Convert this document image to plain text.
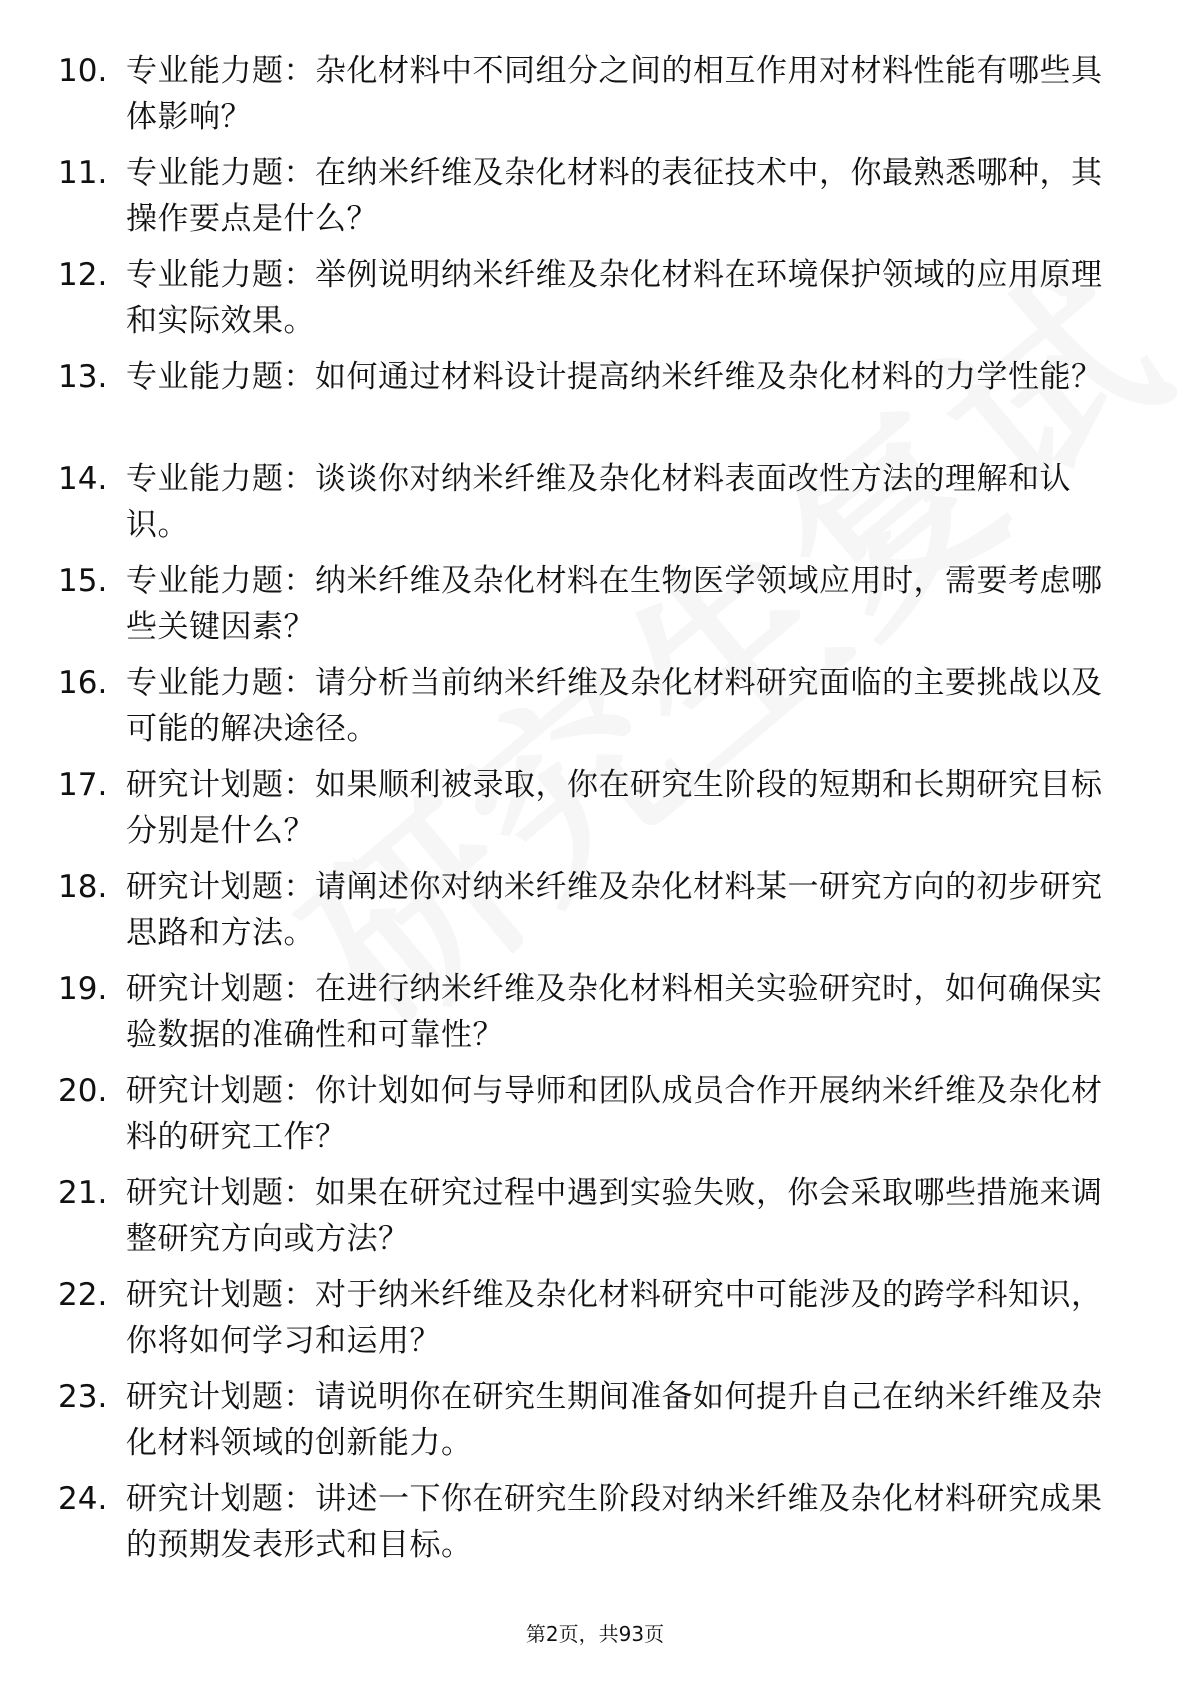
10. 专业能力题：杂化材料中不同组分之间的相互作用对材料性能有哪些具体影响？
11. 专业能力题：在纳米纤维及杂化材料的表征技术中，你最熟悉哪种，其操作要点是什么？
12. 专业能力题：举例说明纳米纤维及杂化材料在环境保护领域的应用原理和实际效果。
13. 专业能力题：如何通过材料设计提高纳米纤维及杂化材料的力学性能？
14. 专业能力题：谈谈你对纳米纤维及杂化材料表面改性方法的理解和认识。
15. 专业能力题：纳米纤维及杂化材料在生物医学领域应用时，需要考虑哪些关键因素？
16. 专业能力题：请分析当前纳米纤维及杂化材料研究面临的主要挑战以及可能的解决途径。
17. 研究计划题：如果顺利被录取，你在研究生阶段的短期和长期研究目标分别是什么？
18. 研究计划题：请阐述你对纳米纤维及杂化材料某一研究方向的初步研究思路和方法。
19. 研究计划题：在进行纳米纤维及杂化材料相关实验研究时，如何确保实验数据的准确性和可靠性？
20. 研究计划题：你计划如何与导师和团队成员合作开展纳米纤维及杂化材料的研究工作？
21. 研究计划题：如果在研究过程中遇到实验失败，你会采取哪些措施来调整研究方向或方法？
22. 研究计划题：对于纳米纤维及杂化材料研究中可能涉及的跨学科知识，你将如何学习和运用？
23. 研究计划题：请说明你在研究生期间准备如何提升自己在纳米纤维及杂化材料领域的创新能力。
24. 研究计划题：讲述一下你在研究生阶段对纳米纤维及杂化材料研究成果的预期发表形式和目标。
第2页，共93页
